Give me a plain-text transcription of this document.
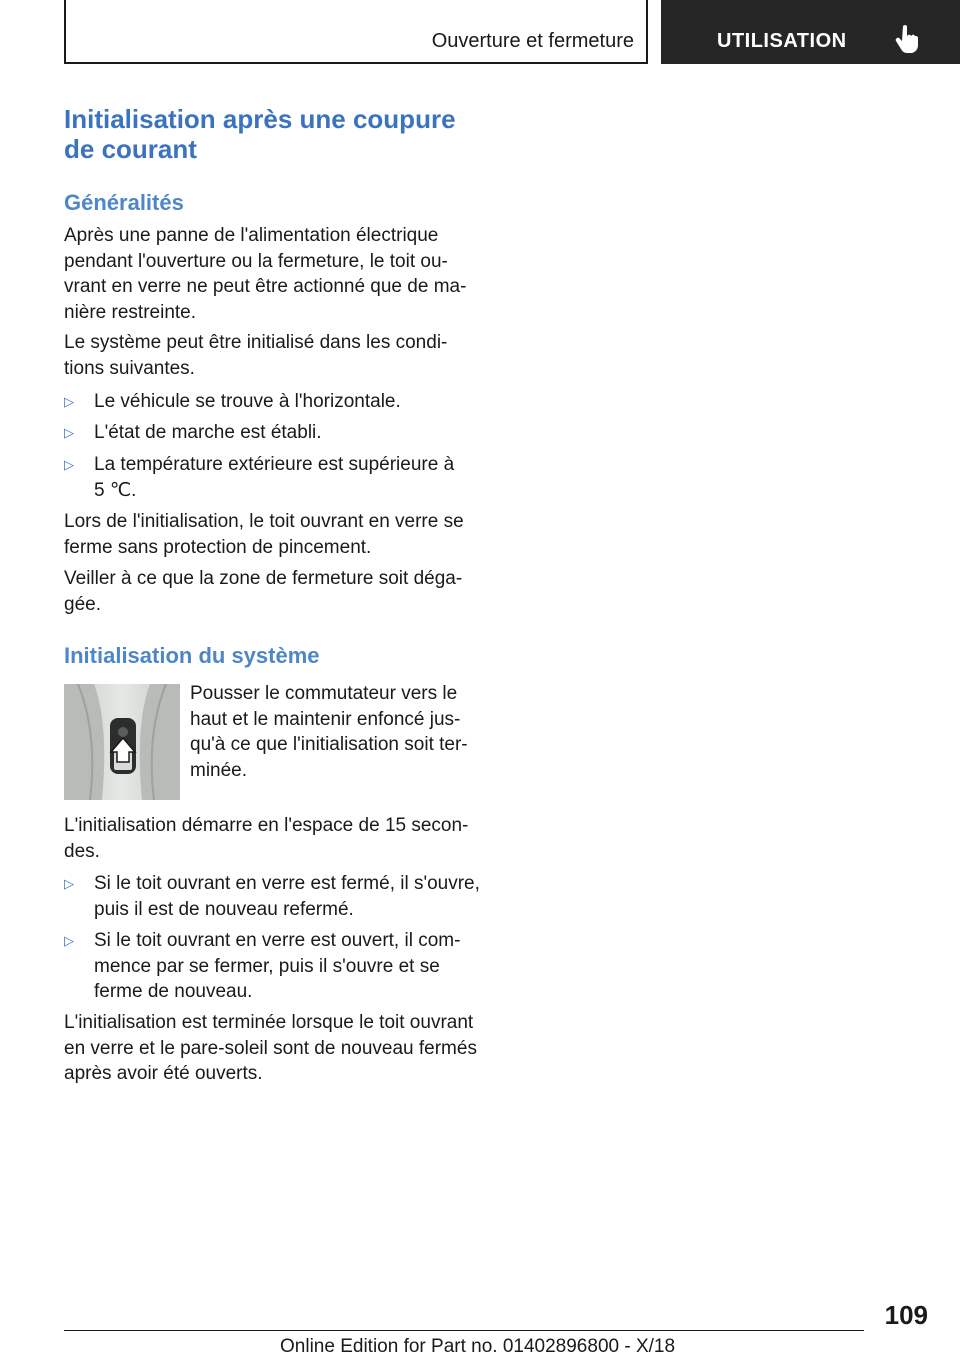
Ouverture et fermeture	UTILISATION
Initialisation après une coupure de courant
Généralités

Après une panne de l'alimentation électrique pendant l'ouverture ou la fermeture, le toit ou-vrant en verre ne peut être actionné que de ma-nière restreinte.

Le système peut être initialisé dans les condi-tions suivantes.

▷	Le véhicule se trouve à l'horizontale.
▷	L'état de marche est établi.
▷	La température extérieure est supérieure à 5 ℃.

Lors de l'initialisation, le toit ouvrant en verre se ferme sans protection de pincement.

Veiller à ce que la zone de fermeture soit déga-gée.

Initialisation du système
Pousser le commutateur vers le haut et le maintenir enfoncé jus-qu'à ce que l'initialisation soit ter-minée.

L'initialisation démarre en l'espace de 15 secon-des.

▷	Si le toit ouvrant en verre est fermé, il s'ouvre, puis il est de nouveau refermé.
▷	Si le toit ouvrant en verre est ouvert, il com-mence par se fermer, puis il s'ouvre et se ferme de nouveau.

L'initialisation est terminée lorsque le toit ouvrant en verre et le pare-soleil sont de nouveau fermés après avoir été ouverts.

109
Online Edition for Part no. 01402896800 - X/18
